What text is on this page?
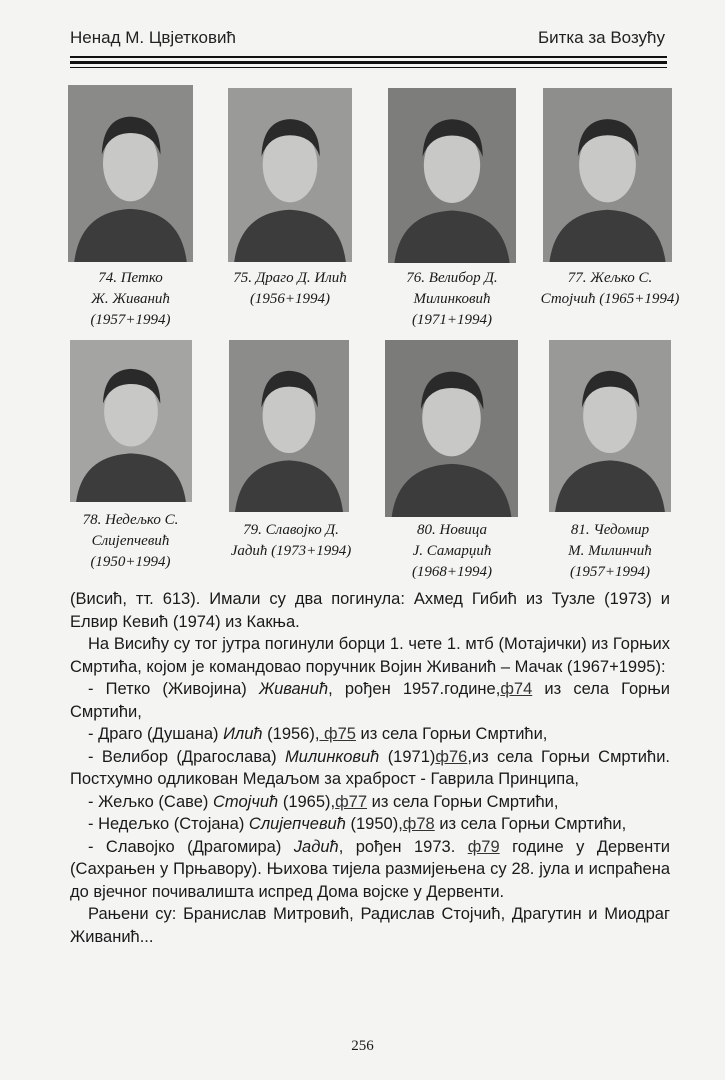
Ненад М. Цвјетковић	Битка за Возућу
74. Петко
Ж. Живанић
(1957+1994)
75. Драго Д. Илић
(1956+1994)
76. Велибор Д.
Милинковић
(1971+1994)
77. Жељко С.
Стојчић (1965+1994)
78. Недељко С.
Слијепчевић
(1950+1994)
79. Славојко Д.
Јадић (1973+1994)
80. Новица
Ј. Самарџић
(1968+1994)
81. Чедомир
М. Милинчић
(1957+1994)

(Висић, тт. 613). Имали су два погинула: Ахмед Гибић из Тузле (1973) и Елвир Кевић (1974) из Какња.

На Висићу су тог јутра погинули борци 1. чете 1. мтб (Мотајички) из Горњих Смртића, којом је командовао поручник Војин Живанић – Мачак (1967+1995):

- Петко (Живојина) Живанић, рођен 1957.године,ф74 из села Горњи Смртићи,

- Драго (Душана) Илић (1956), ф75 из села Горњи Смртићи,

- Велибор (Драгослава) Милинковић (1971)ф76,из села Горњи Смртићи. Постхумно одликован Медаљом за храброст - Гаврила Принципа,

- Жељко (Саве) Стојчић (1965),ф77 из села Горњи Смртићи,

- Недељко (Стојана) Слијепчевић (1950),ф78 из села Горњи Смртићи,

- Славојко (Драгомира) Јадић, рођен 1973. ф79 године у Дервенти (Сахрањен у Прњавору). Њихова тијела размијењена су 28. јула и испраћена до вјечног почивалишта испред Дома војске у Дервенти.

Рањени су: Бранислав Митровић, Радислав Стојчић, Драгутин и Миодраг Живанић...

256
